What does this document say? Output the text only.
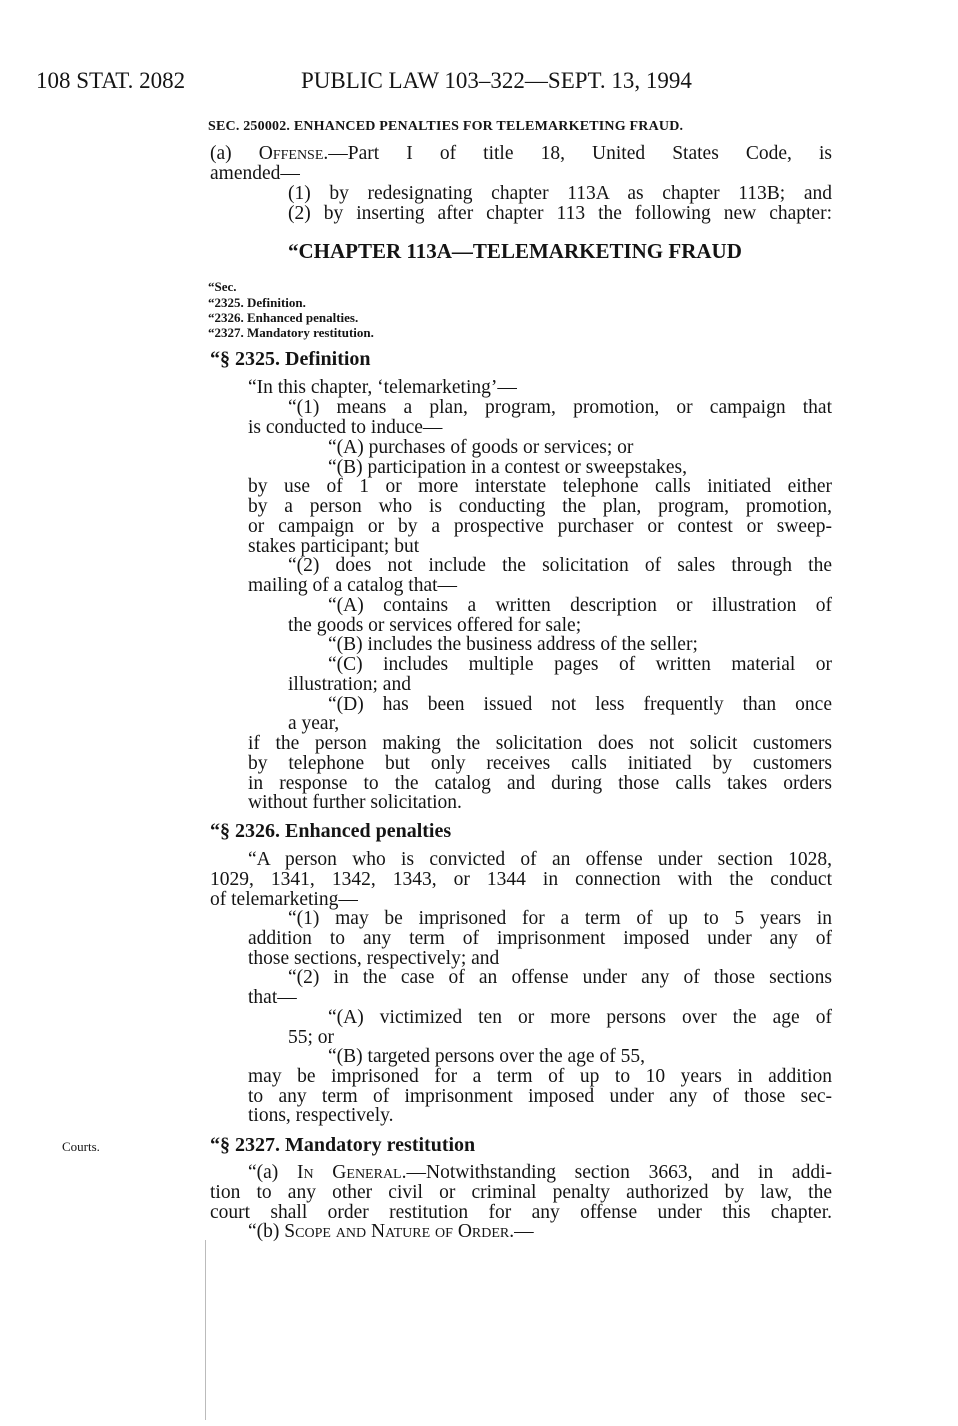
108 STAT. 2082	PUBLIC LAW 103–322—SEPT. 13, 1994
SEC. 250002. ENHANCED PENALTIES FOR TELEMARKETING FRAUD.
(a) Offense.—Part I of title 18, United States Code, is
amended—
(1) by redesignating chapter 113A as chapter 113B; and
(2) by inserting after chapter 113 the following new chapter:
“CHAPTER 113A—TELEMARKETING FRAUD
“Sec.
“2325. Definition.
“2326. Enhanced penalties.
“2327. Mandatory restitution.
“§ 2325. Definition
“In this chapter, ‘telemarketing’—
“(1) means a plan, program, promotion, or campaign that
is conducted to induce—
“(A) purchases of goods or services; or
“(B) participation in a contest or sweepstakes,
by use of 1 or more interstate telephone calls initiated either
by a person who is conducting the plan, program, promotion,
or campaign or by a prospective purchaser or contest or sweep-
stakes participant; but
“(2) does not include the solicitation of sales through the
mailing of a catalog that—
“(A) contains a written description or illustration of
the goods or services offered for sale;
“(B) includes the business address of the seller;
“(C) includes multiple pages of written material or
illustration; and
“(D) has been issued not less frequently than once
a year,
if the person making the solicitation does not solicit customers
by telephone but only receives calls initiated by customers
in response to the catalog and during those calls takes orders
without further solicitation.
“§ 2326. Enhanced penalties
“A person who is convicted of an offense under section 1028,
1029, 1341, 1342, 1343, or 1344 in connection with the conduct
of telemarketing—
“(1) may be imprisoned for a term of up to 5 years in
addition to any term of imprisonment imposed under any of
those sections, respectively; and
“(2) in the case of an offense under any of those sections
that—
“(A) victimized ten or more persons over the age of
55; or
“(B) targeted persons over the age of 55,
may be imprisoned for a term of up to 10 years in addition
to any term of imprisonment imposed under any of those sec-
tions, respectively.
Courts.	“§ 2327. Mandatory restitution
“(a) In General.—Notwithstanding section 3663, and in addi-
tion to any other civil or criminal penalty authorized by law, the
court shall order restitution for any offense under this chapter.
“(b) Scope and Nature of Order.—
